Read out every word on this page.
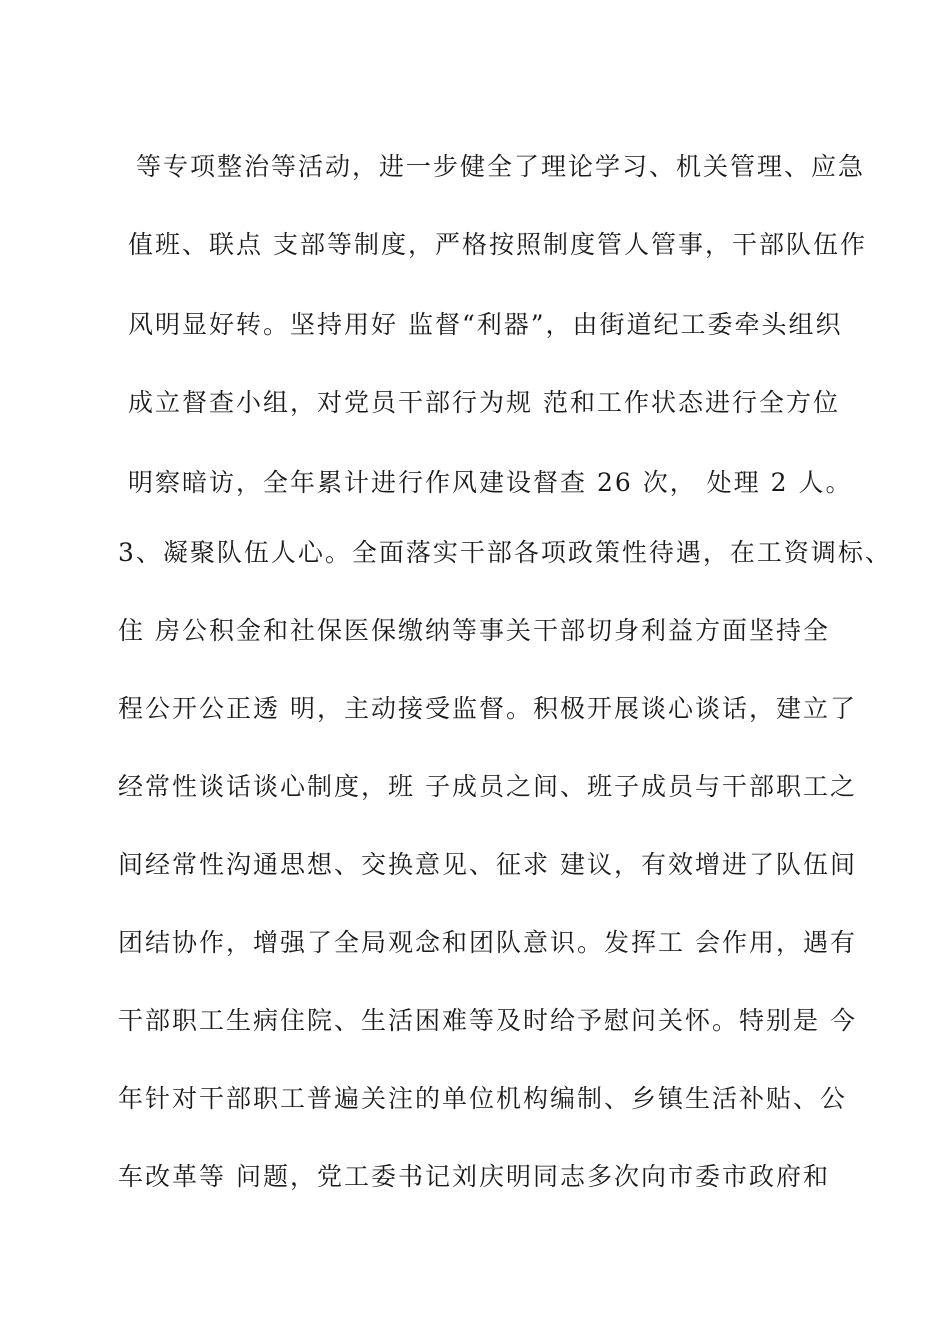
等专项整治等活动，进一步健全了理论学习、机关管理、应急

值班、联点 支部等制度，严格按照制度管人管事，干部队伍作

风明显好转。坚持用好 监督“利器”，由街道纪工委牵头组织

成立督查小组，对党员干部行为规 范和工作状态进行全方位

明察暗访，全年累计进行作风建设督查 26 次， 处理 2 人。

3、凝聚队伍人心。全面落实干部各项政策性待遇，在工资调标、

住 房公积金和社保医保缴纳等事关干部切身利益方面坚持全

程公开公正透 明，主动接受监督。积极开展谈心谈话，建立了

经常性谈话谈心制度，班 子成员之间、班子成员与干部职工之

间经常性沟通思想、交换意见、征求 建议，有效增进了队伍间

团结协作，增强了全局观念和团队意识。发挥工 会作用，遇有

干部职工生病住院、生活困难等及时给予慰问关怀。特别是 今

年针对干部职工普遍关注的单位机构编制、乡镇生活补贴、公

车改革等 问题，党工委书记刘庆明同志多次向市委市政府和
